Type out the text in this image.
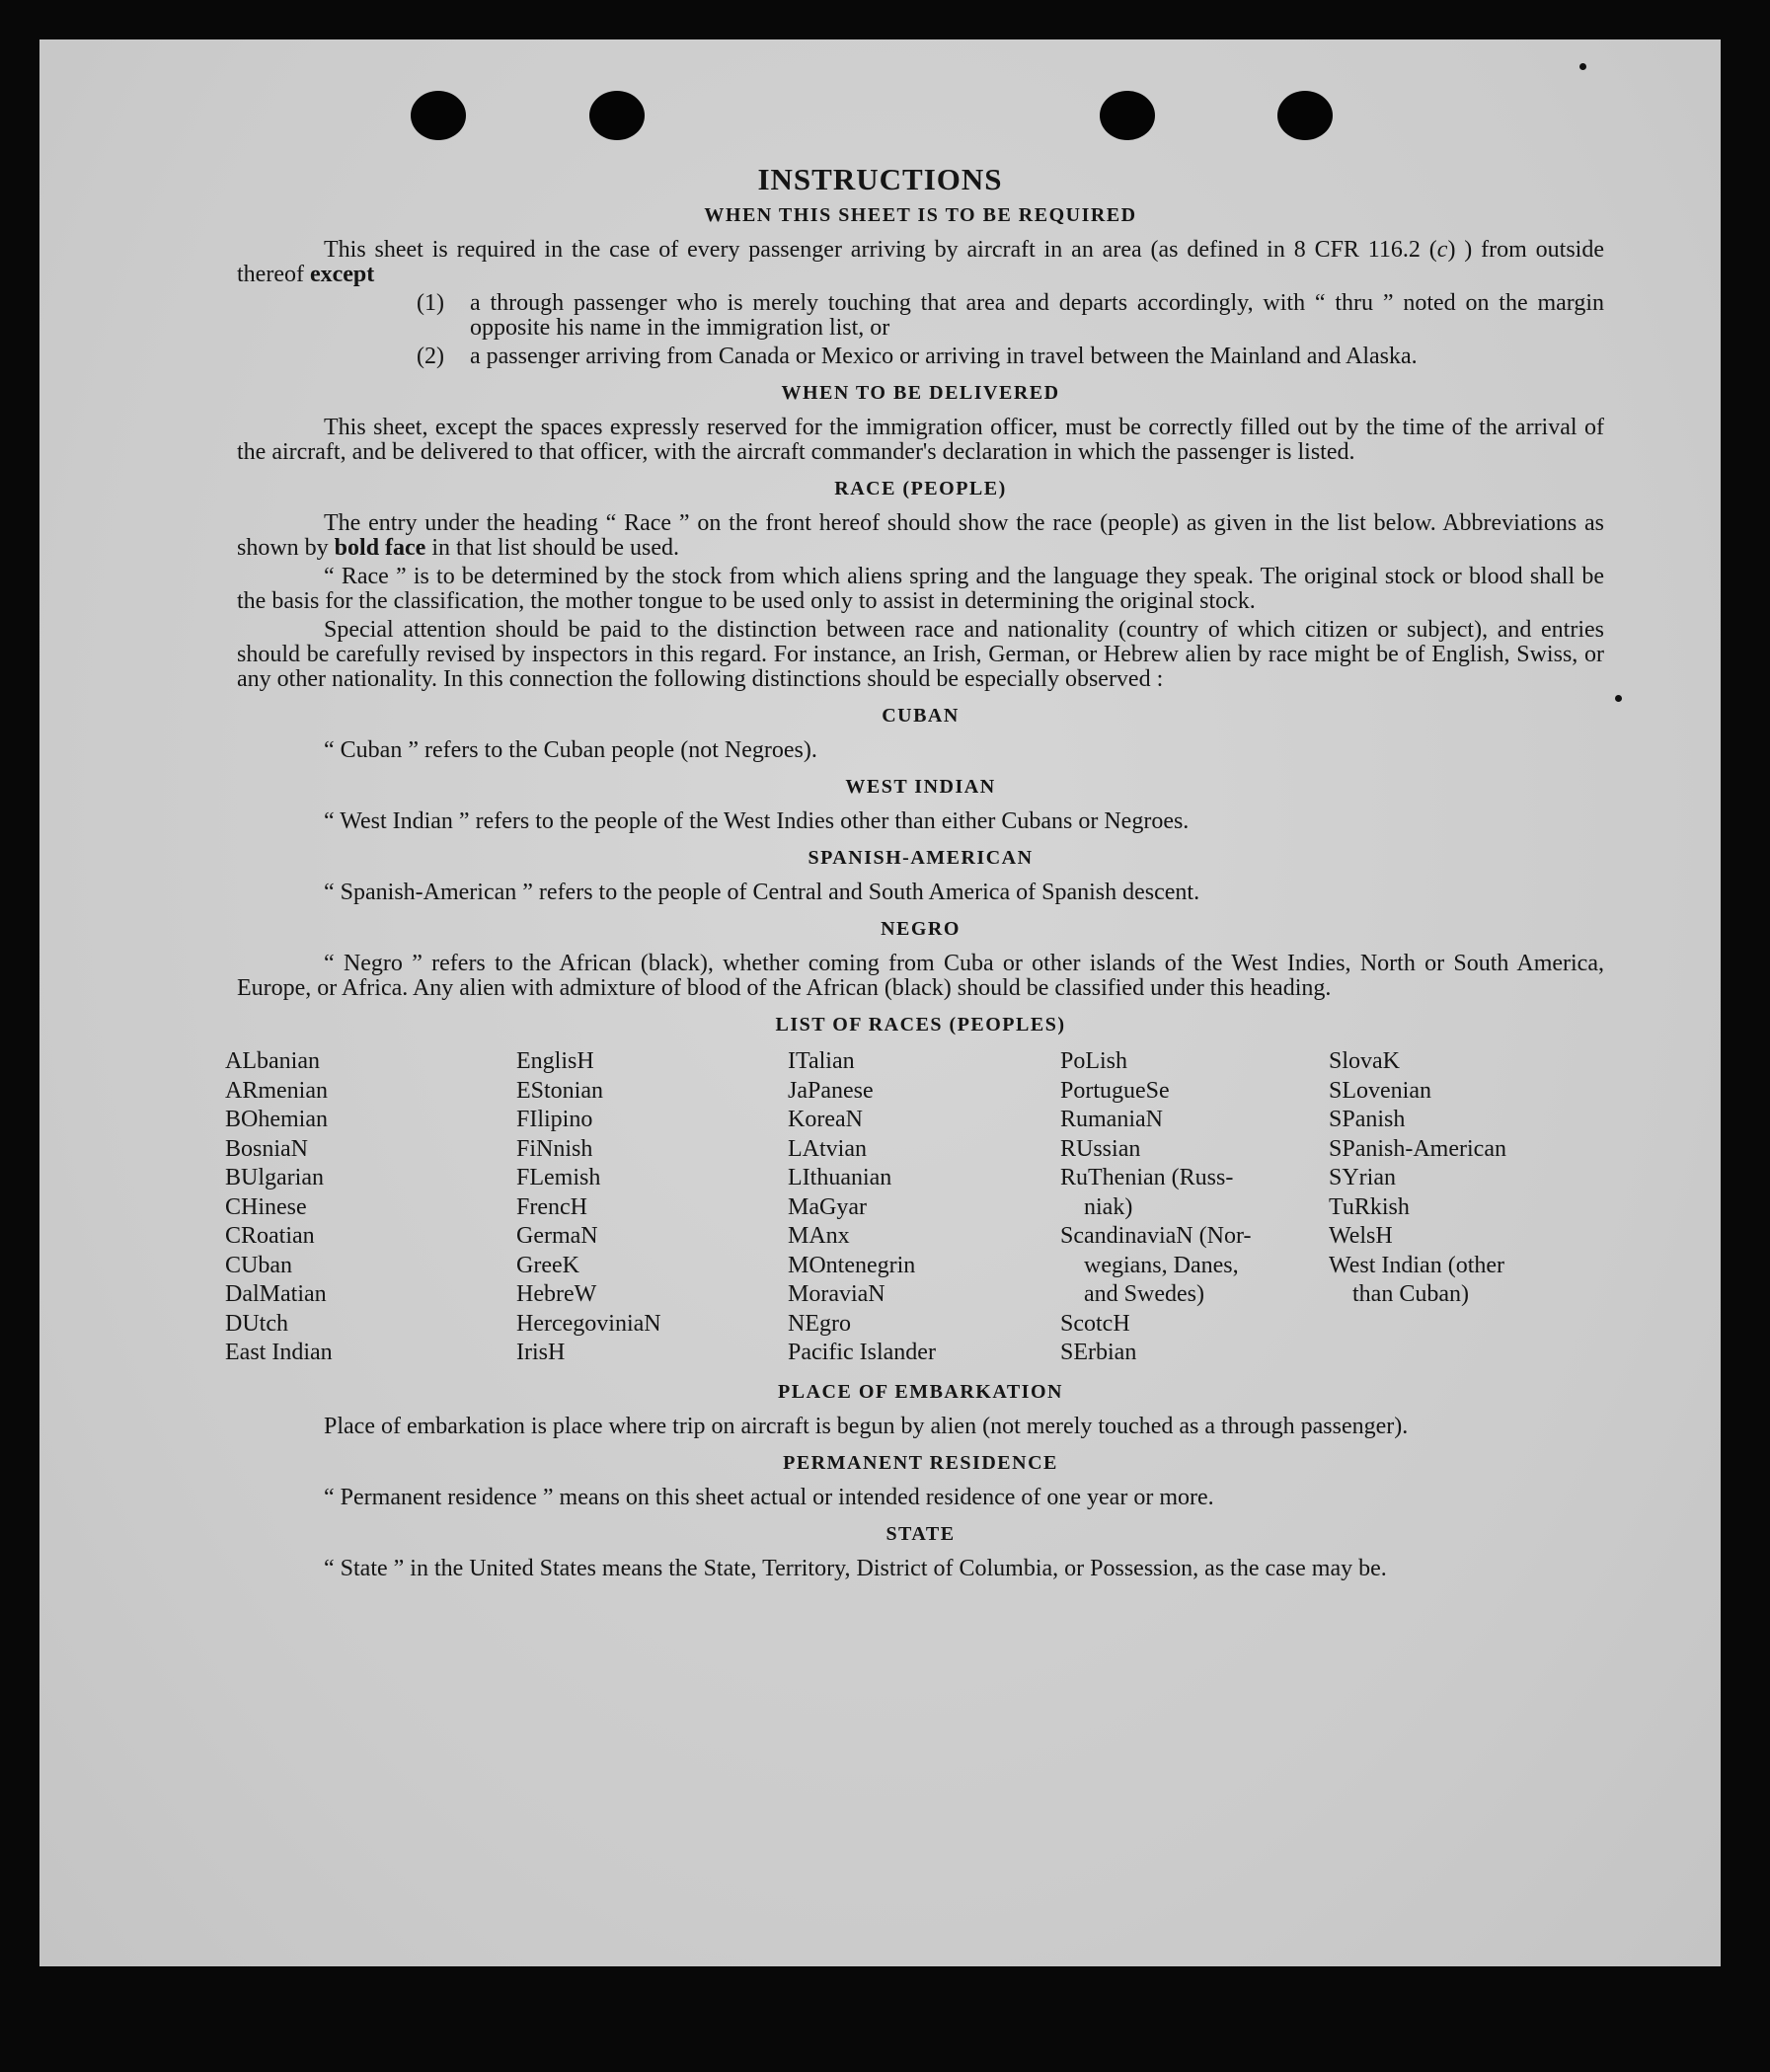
INSTRUCTIONS
WHEN THIS SHEET IS TO BE REQUIRED

This sheet is required in the case of every passenger arriving by aircraft in an area (as defined in 8 CFR 116.2 (c) ) from outside thereof except

(1)	a through passenger who is merely touching that area and departs accordingly, with “ thru ” noted on the margin opposite his name in the immigration list, or
(2)	a passenger arriving from Canada or Mexico or arriving in travel between the Mainland and Alaska.
WHEN TO BE DELIVERED

This sheet, except the spaces expressly reserved for the immigration officer, must be correctly filled out by the time of the arrival of the aircraft, and be delivered to that officer, with the aircraft commander's declaration in which the passenger is listed.

RACE (PEOPLE)

The entry under the heading “ Race ” on the front hereof should show the race (people) as given in the list below. Abbreviations as shown by bold face in that list should be used.

“ Race ” is to be determined by the stock from which aliens spring and the language they speak. The original stock or blood shall be the basis for the classification, the mother tongue to be used only to assist in determining the original stock.

Special attention should be paid to the distinction between race and nationality (country of which citizen or subject), and entries should be carefully revised by inspectors in this regard. For instance, an Irish, German, or Hebrew alien by race might be of English, Swiss, or any other nationality. In this connection the following distinctions should be especially observed :

CUBAN

“ Cuban ” refers to the Cuban people (not Negroes).

WEST INDIAN

“ West Indian ” refers to the people of the West Indies other than either Cubans or Negroes.

SPANISH-AMERICAN

“ Spanish-American ” refers to the people of Central and South America of Spanish descent.

NEGRO

“ Negro ” refers to the African (black), whether coming from Cuba or other islands of the West Indies, North or South America, Europe, or Africa. Any alien with admixture of blood of the African (black) should be classified under this heading.

LIST OF RACES (PEOPLES)
ALbanian	EnglisH	ITalian	PoLish	SlovaK
ARmenian	EStonian	JaPanese	PortugueSe	SLovenian
BOhemian	FIlipino	KoreaN	RumaniaN	SPanish
BosniaN	FiNnish	LAtvian	RUssian	SPanish-American
BUlgarian	FLemish	LIthuanian	RuThenian (Russ-	SYrian
CHinese	FrencH	MaGyar	niak)	TuRkish
CRoatian	GermaN	MAnx	ScandinaviaN (Nor-	WelsH
CUban	GreeK	MOntenegrin	wegians, Danes,	West Indian (other
DalMatian	HebreW	MoraviaN	and Swedes)	than Cuban)
DUtch	HercegoviniaN	NEgro	ScotcH
East Indian	IrisH	Pacific Islander	SErbian
PLACE OF EMBARKATION

Place of embarkation is place where trip on aircraft is begun by alien (not merely touched as a through passenger).

PERMANENT RESIDENCE

“ Permanent residence ” means on this sheet actual or intended residence of one year or more.

STATE

“ State ” in the United States means the State, Territory, District of Columbia, or Possession, as the case may be.
